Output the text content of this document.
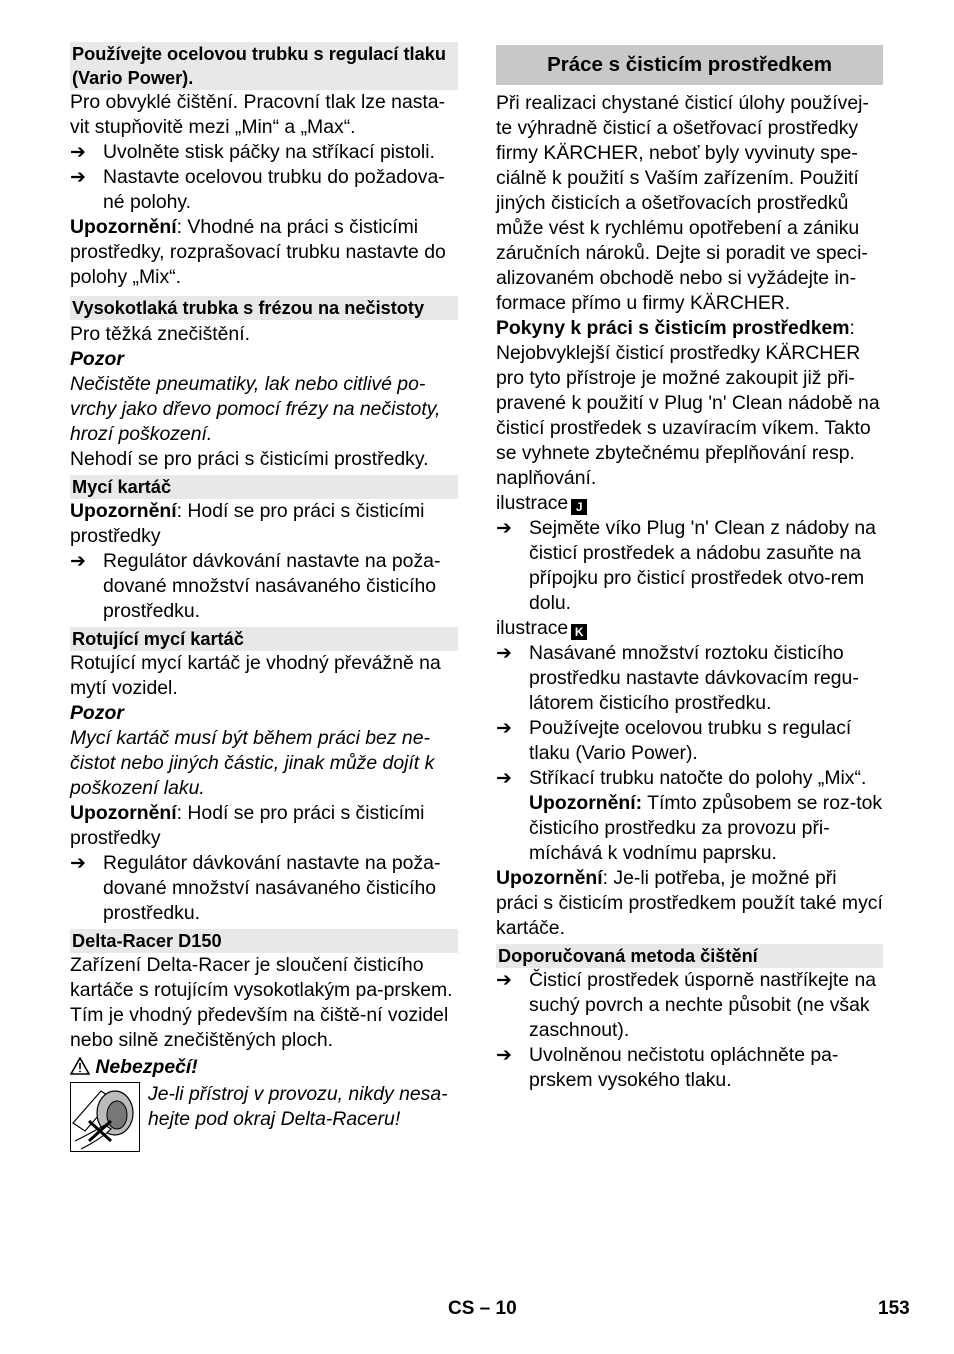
Používejte ocelovou trubku s regulací tlaku (Vario Power).

Pro obvyklé čištění. Pracovní tlak lze nasta-vit stupňovitě mezi „Min“ a „Max“.

➔ Uvolněte stisk páčky na stříkací pistoli.

➔ Nastavte ocelovou trubku do požadova-né polohy.

Upozornění: Vhodné na práci s čisticími prostředky, rozprašovací trubku nastavte do polohy „Mix“.

Vysokotlaká trubka s frézou na nečistoty

Pro těžká znečištění.

Pozor

Nečistěte pneumatiky, lak nebo citlivé po-vrchy jako dřevo pomocí frézy na nečistoty, hrozí poškození.

Nehodí se pro práci s čisticími prostředky.

Mycí kartáč

Upozornění: Hodí se pro práci s čisticími prostředky

➔ Regulátor dávkování nastavte na poža-dované množství nasávaného čisticího prostředku.

Rotující mycí kartáč

Rotující mycí kartáč je vhodný převážně na mytí vozidel.

Pozor

Mycí kartáč musí být během práci bez ne-čistot nebo jiných částic, jinak může dojít k poškození laku.

Upozornění: Hodí se pro práci s čisticími prostředky

➔ Regulátor dávkování nastavte na poža-dované množství nasávaného čisticího prostředku.

Delta-Racer D150

Zařízení Delta-Racer je sloučení čisticího kartáče s rotujícím vysokotlakým pa-prskem. Tím je vhodný především na čiště-ní vozidel nebo silně znečištěných ploch.

Nebezpečí!

Je-li přístroj v provozu, nikdy nesa-hejte pod okraj Delta-Raceru!

Práce s čisticím prostředkem

Při realizaci chystané čisticí úlohy používej-te výhradně čisticí a ošetřovací prostředky firmy KÄRCHER, neboť byly vyvinuty spe-ciálně k použití s Vaším zařízením. Použití jiných čisticích a ošetřovacích prostředků může vést k rychlému opotřebení a zániku záručních nároků. Dejte si poradit ve speci-alizovaném obchodě nebo si vyžádejte in-formace přímo u firmy KÄRCHER.

Pokyny k práci s čisticím prostředkem:

Nejobvyklejší čisticí prostředky KÄRCHER pro tyto přístroje je možné zakoupit již při-pravené k použití v Plug 'n' Clean nádobě na čisticí prostředek s uzavíracím víkem. Takto se vyhnete zbytečnému přeplňování resp. naplňování.

ilustrace J

➔ Sejměte víko Plug 'n' Clean z nádoby na čisticí prostředek a nádobu zasuňte na přípojku pro čisticí prostředek otvo-rem dolu.

ilustrace K

➔ Nasávané množství roztoku čisticího prostředku nastavte dávkovacím regu-látorem čisticího prostředku.

➔ Používejte ocelovou trubku s regulací tlaku (Vario Power).

➔ Stříkací trubku natočte do polohy „Mix“.
Upozornění: Tímto způsobem se roz-tok čisticího prostředku za provozu při-míchává k vodnímu paprsku.

Upozornění: Je-li potřeba, je možné při práci s čisticím prostředkem použít také mycí kartáče.

Doporučovaná metoda čištění

➔ Čisticí prostředek úsporně nastříkejte na suchý povrch a nechte působit (ne však zaschnout).

➔ Uvolněnou nečistotu opláchněte pa-prskem vysokého tlaku.

CS – 10	153
